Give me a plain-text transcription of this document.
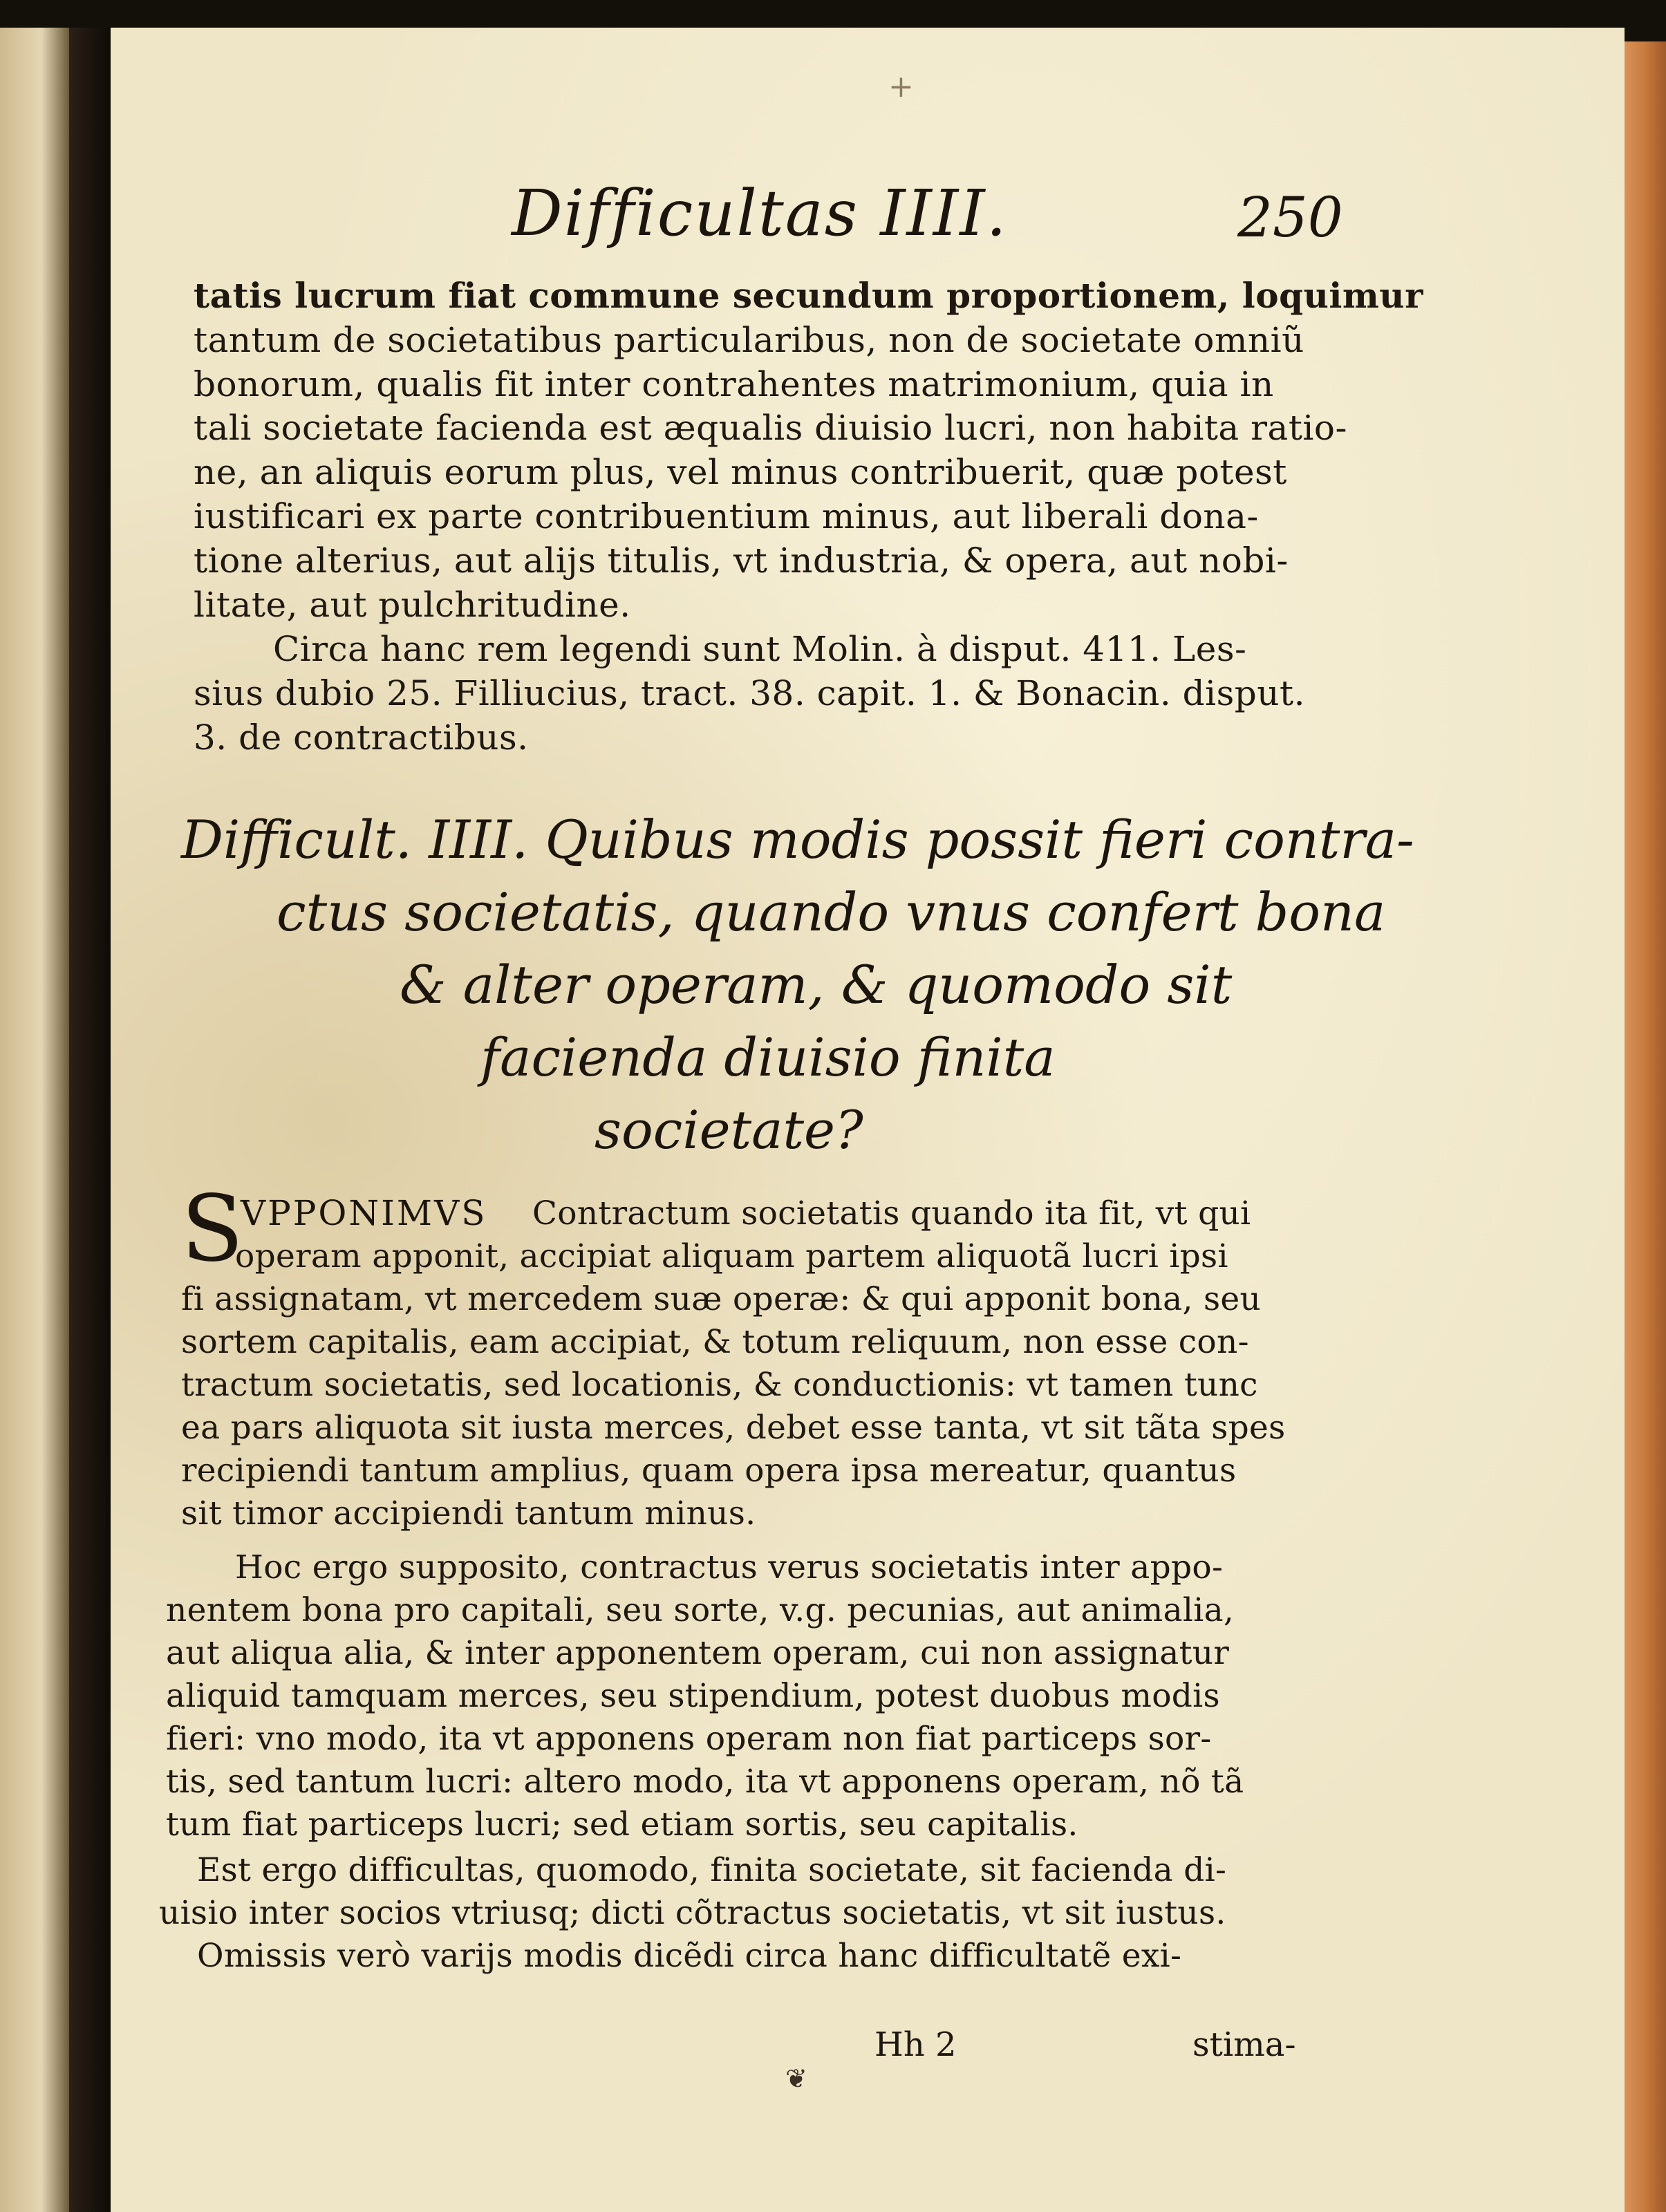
+
Difficultas IIII.	250
tatis lucrum fiat commune secundum proportionem, loquimur
tantum de societatibus particularibus, non de societate omniũ
bonorum, qualis fit inter contrahentes matrimonium, quia in
tali societate facienda est æqualis diuisio lucri, non habita ratio-
ne, an aliquis eorum plus, vel minus contribuerit, quæ potest
iustificari ex parte contribuentium minus, aut liberali dona-
tione alterius, aut alijs titulis, vt industria, & opera, aut nobi-
litate, aut pulchritudine.
Circa hanc rem legendi sunt Molin. à disput. 411. Les-
sius dubio 25. Filliucius, tract. 38. capit. 1. & Bonacin. disput.
3. de contractibus.
Difficult. IIII. Quibus modis possit fieri contra-
ctus societatis, quando vnus confert bona
& alter operam, & quomodo sit
facienda diuisio finita
societate?
S
VPPONIMVS Contractum societatis quando ita fit, vt qui
operam apponit, accipiat aliquam partem aliquotã lucri ipsi
fi assignatam, vt mercedem suæ operæ: & qui apponit bona, seu
sortem capitalis, eam accipiat, & totum reliquum, non esse con-
tractum societatis, sed locationis, & conductionis: vt tamen tunc
ea pars aliquota sit iusta merces, debet esse tanta, vt sit tãta spes
recipiendi tantum amplius, quam opera ipsa mereatur, quantus
sit timor accipiendi tantum minus.
Hoc ergo supposito, contractus verus societatis inter appo-
nentem bona pro capitali, seu sorte, v.g. pecunias, aut animalia,
aut aliqua alia, & inter apponentem operam, cui non assignatur
aliquid tamquam merces, seu stipendium, potest duobus modis
fieri: vno modo, ita vt apponens operam non fiat particeps sor-
tis, sed tantum lucri: altero modo, ita vt apponens operam, nõ tã
tum fiat particeps lucri; sed etiam sortis, seu capitalis.
Est ergo difficultas, quomodo, finita societate, sit facienda di-
uisio inter socios vtriusq; dicti cõtractus societatis, vt sit iustus.
Omissis verò varijs modis dicẽdi circa hanc difficultatẽ exi-
Hh 2	stima-
❦
